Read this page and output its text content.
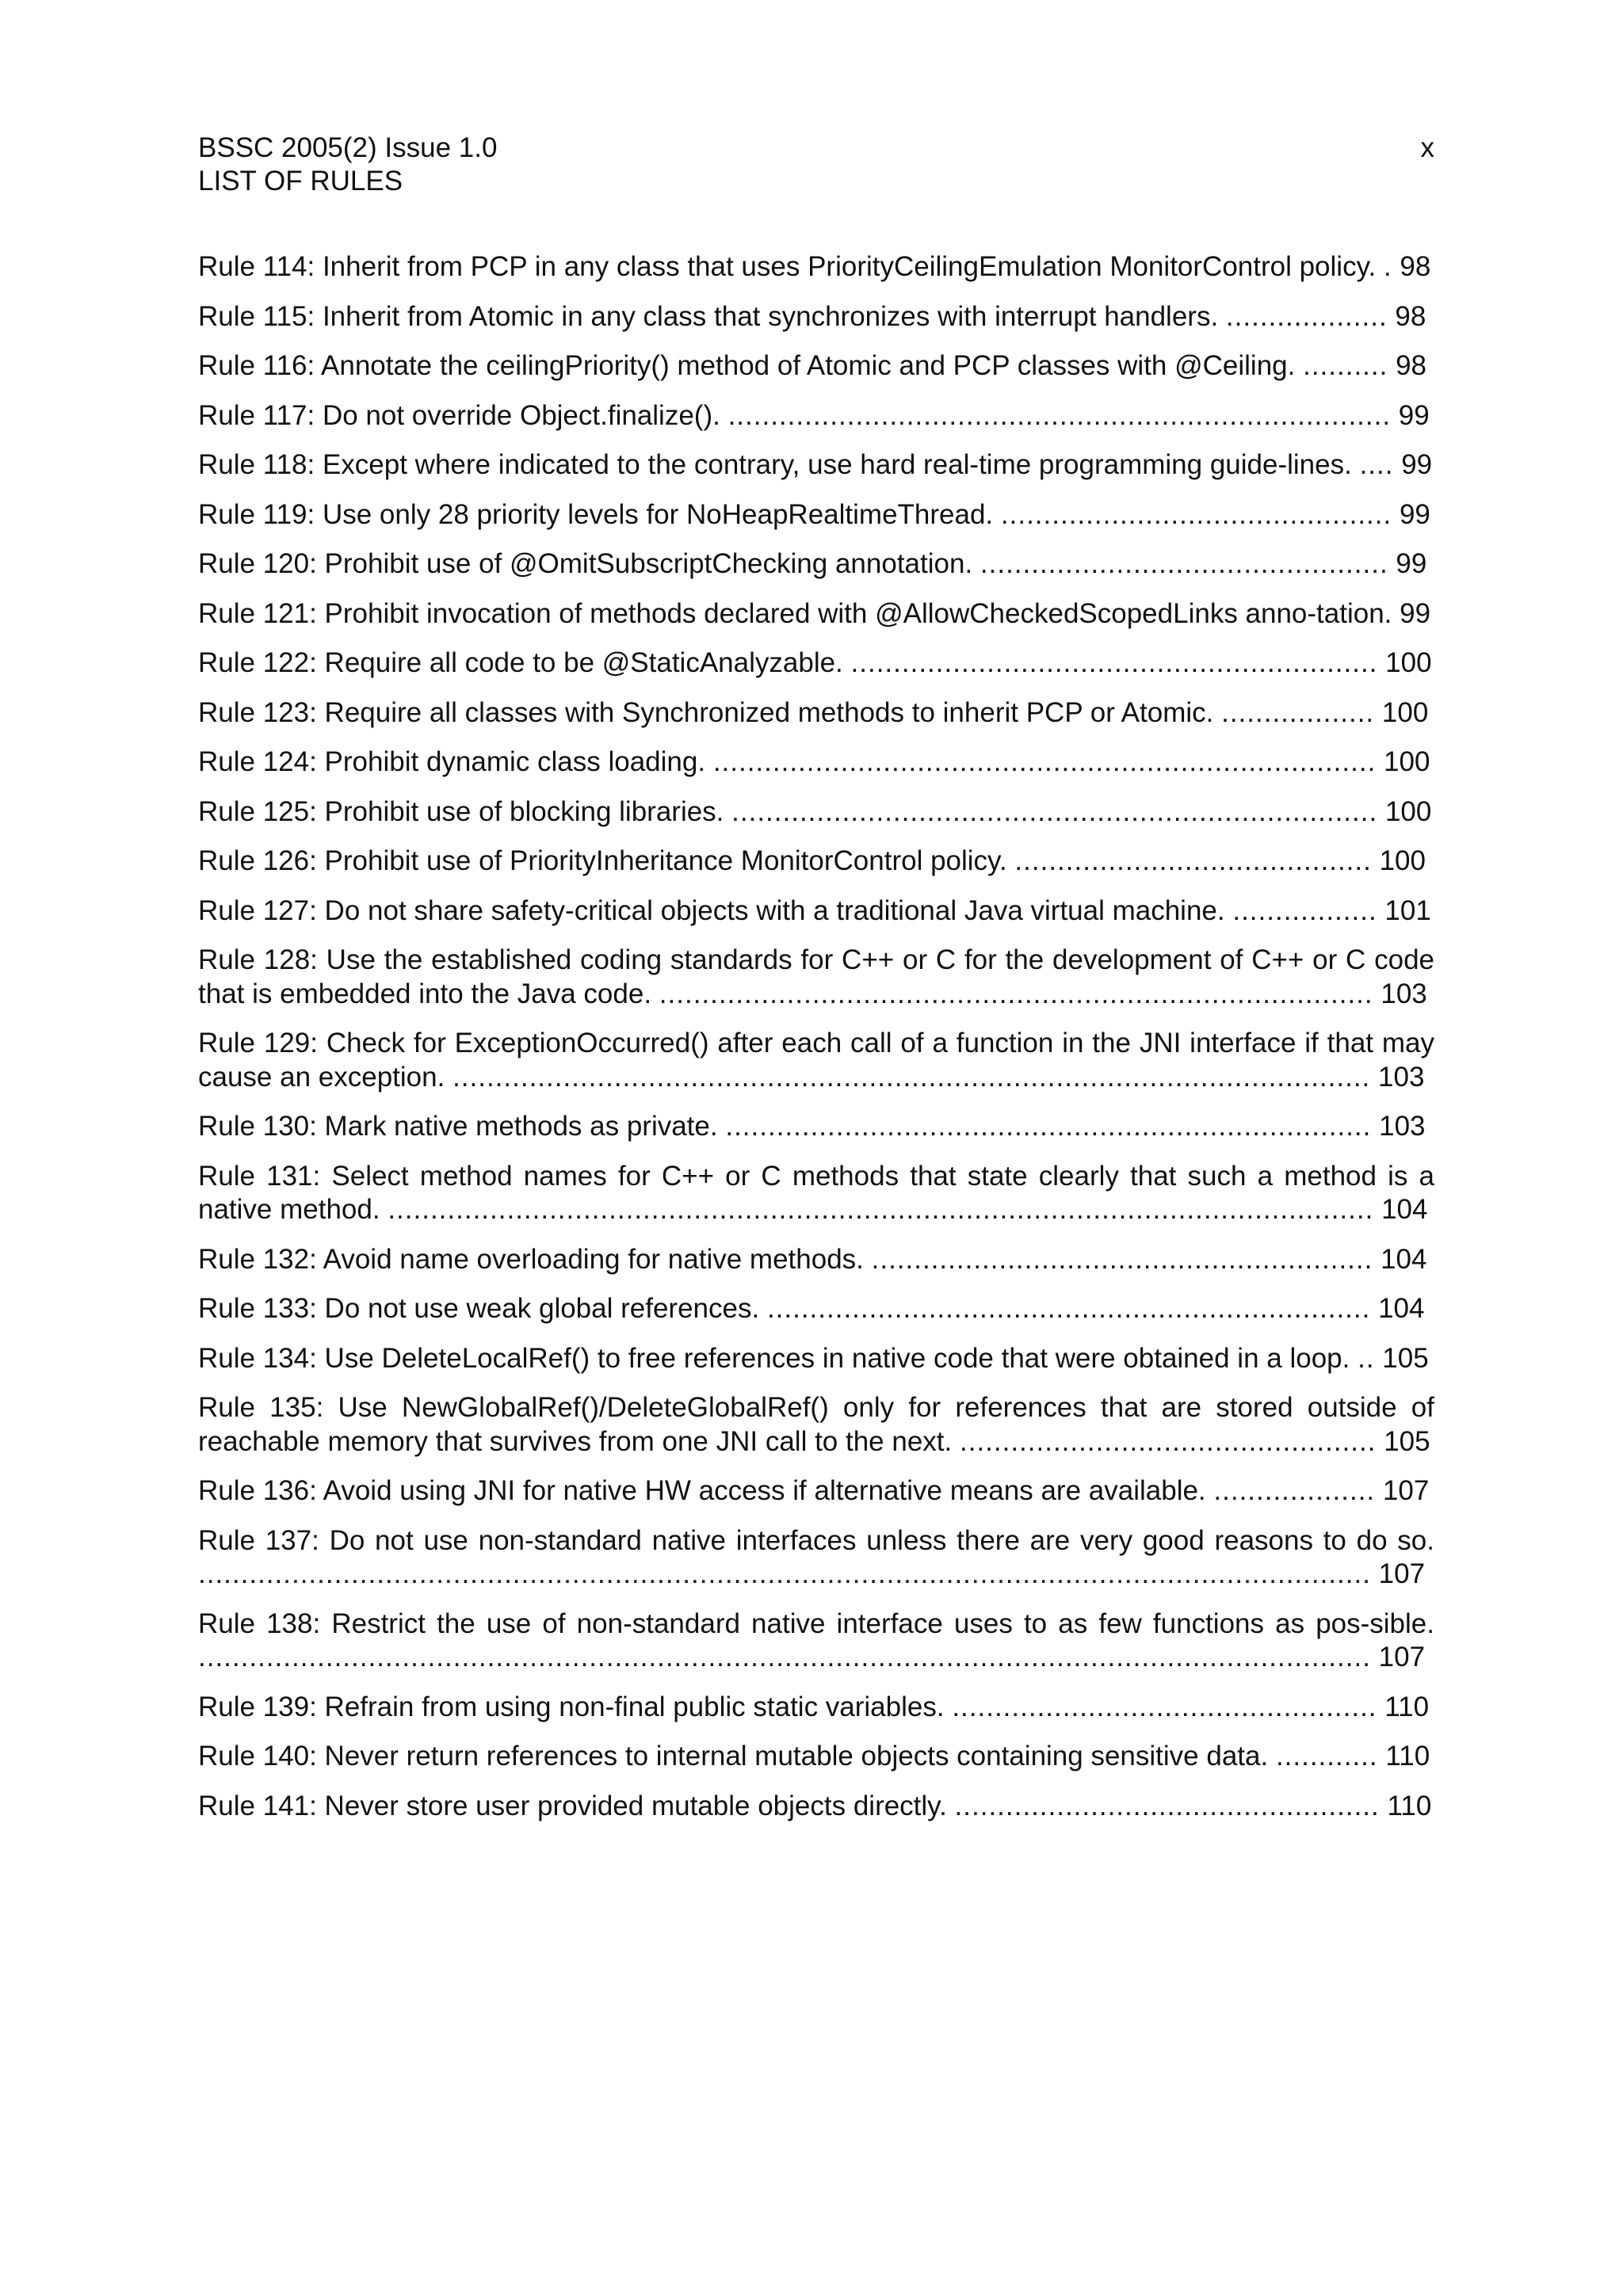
BSSC 2005(2) Issue 1.0	x
LIST OF RULES
Rule 114: Inherit from PCP in any class that uses PriorityCeilingEmulation MonitorControl policy. . 98
Rule 115: Inherit from Atomic in any class that synchronizes with interrupt handlers. ................... 98
Rule 116: Annotate the ceilingPriority() method of Atomic and PCP classes with @Ceiling. .......... 98
Rule 117: Do not override Object.finalize(). .............................................................................. 99
Rule 118: Except where indicated to the contrary, use hard real-time programming guide-lines. .... 99
Rule 119: Use only 28 priority levels for NoHeapRealtimeThread. .............................................. 99
Rule 120: Prohibit use of @OmitSubscriptChecking annotation. ................................................ 99
Rule 121: Prohibit invocation of methods declared with @AllowCheckedScopedLinks anno-tation. 99
Rule 122: Require all code to be @StaticAnalyzable. .............................................................. 100
Rule 123: Require all classes with Synchronized methods to inherit PCP or Atomic. .................. 100
Rule 124: Prohibit dynamic class loading. .............................................................................. 100
Rule 125: Prohibit use of blocking libraries. ............................................................................ 100
Rule 126: Prohibit use of PriorityInheritance MonitorControl policy. .......................................... 100
Rule 127: Do not share safety-critical objects with a traditional Java virtual machine. ................. 101
Rule 128: Use the established coding standards for C++ or C for the development of C++ or C code that is embedded into the Java code. .................................................................................... 103
Rule 129: Check for ExceptionOccurred() after each call of a function in the JNI interface if that may cause an exception. ............................................................................................................ 103
Rule 130: Mark native methods as private. ............................................................................ 103
Rule 131: Select method names for C++ or C methods that state clearly that such a method is a native method. .................................................................................................................... 104
Rule 132: Avoid name overloading for native methods. ........................................................... 104
Rule 133: Do not use weak global references. ....................................................................... 104
Rule 134: Use DeleteLocalRef() to free references in native code that were obtained in a loop. .. 105
Rule 135: Use NewGlobalRef()/DeleteGlobalRef() only for references that are stored outside of reachable memory that survives from one JNI call to the next. ................................................. 105
Rule 136: Avoid using JNI for native HW access if alternative means are available. ................... 107
Rule 137: Do not use non-standard native interfaces unless there are very good reasons to do so. .......................................................................................................................................... 107
Rule 138: Restrict the use of non-standard native interface uses to as few functions as pos-sible. .......................................................................................................................................... 107
Rule 139: Refrain from using non-final public static variables. .................................................. 110
Rule 140: Never return references to internal mutable objects containing sensitive data. ............ 110
Rule 141: Never store user provided mutable objects directly. .................................................. 110
